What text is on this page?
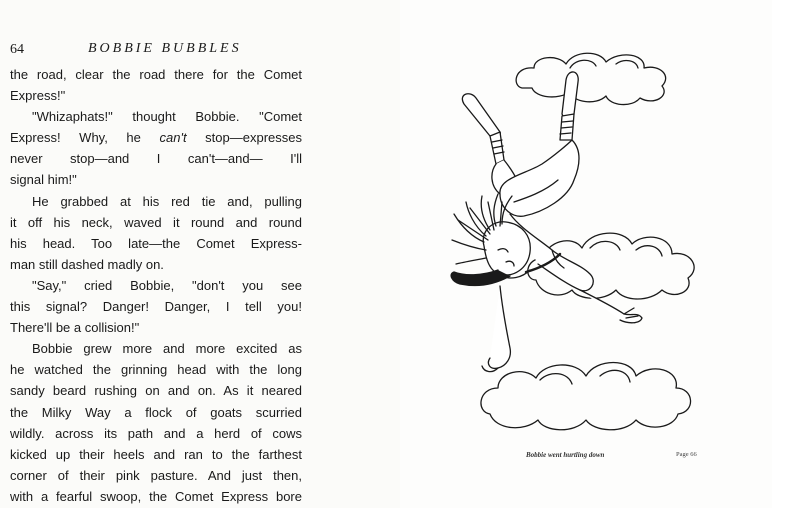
64	BOBBIE BUBBLES

the road, clear the road there for the Comet

Express!"

"Whizaphats!" thought Bobbie. "Comet

Express! Why, he can't stop—expresses

never stop—and I can't—and— I'll

signal him!"

He grabbed at his red tie and, pulling

it off his neck, waved it round and round

his head. Too late—the Comet Express-

man still dashed madly on.

"Say," cried Bobbie, "don't you see

this signal? Danger! Danger, I tell you!

There'll be a collision!"

Bobbie grew more and more excited as

he watched the grinning head with the long

sandy beard rushing on and on. As it neared

the Milky Way a flock of goats scurried

wildly. across its path and a herd of cows

kicked up their heels and ran to the farthest

corner of their pink pasture. And just then,

with a fearful swoop, the Comet Express bore

Bobbie went hurtling down	Page 66
